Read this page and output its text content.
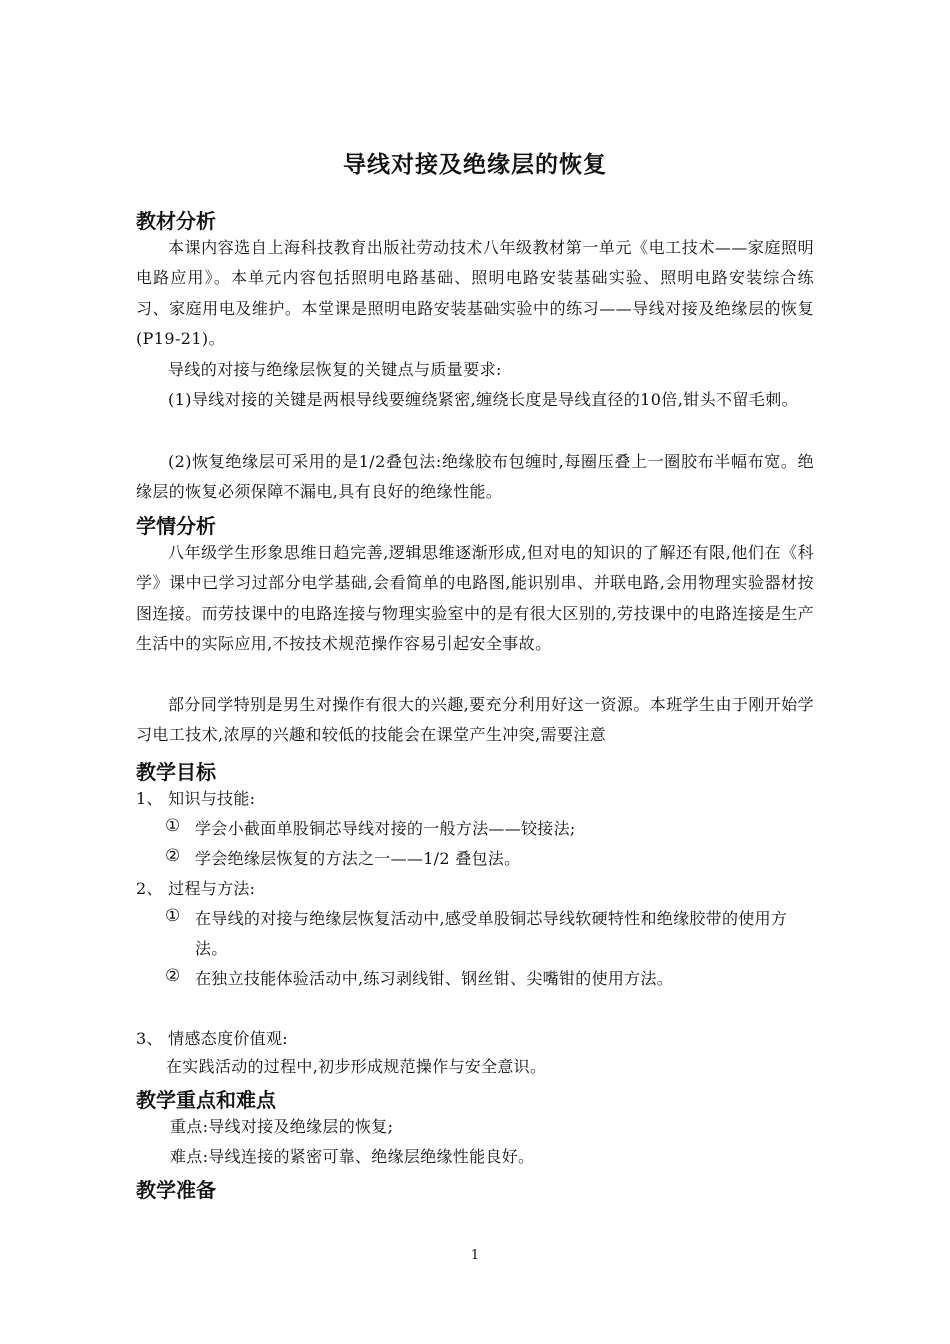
导线对接及绝缘层的恢复
教材分析

本课内容选自上海科技教育出版社劳动技术八年级教材第一单元《电工技术——家庭照明电路应用》。本单元内容包括照明电路基础、照明电路安装基础实验、照明电路安装综合练习、家庭用电及维护。本堂课是照明电路安装基础实验中的练习——导线对接及绝缘层的恢复(P19-21)。

导线的对接与绝缘层恢复的关键点与质量要求:

(1)导线对接的关键是两根导线要缠绕紧密,缠绕长度是导线直径的10倍,钳头不留毛刺。

(2)恢复绝缘层可采用的是1/2叠包法:绝缘胶布包缠时,每圈压叠上一圈胶布半幅布宽。绝缘层的恢复必须保障不漏电,具有良好的绝缘性能。

学情分析

八年级学生形象思维日趋完善,逻辑思维逐渐形成,但对电的知识的了解还有限,他们在《科学》课中已学习过部分电学基础,会看简单的电路图,能识别串、并联电路,会用物理实验器材按图连接。而劳技课中的电路连接与物理实验室中的是有很大区别的,劳技课中的电路连接是生产生活中的实际应用,不按技术规范操作容易引起安全事故。

部分同学特别是男生对操作有很大的兴趣,要充分利用好这一资源。本班学生由于刚开始学习电工技术,浓厚的兴趣和较低的技能会在课堂产生冲突,需要注意

教学目标
1、 知识与技能:
① 学会小截面单股铜芯导线对接的一般方法——铰接法;
② 学会绝缘层恢复的方法之一——1/2 叠包法。
2、 过程与方法:
① 在导线的对接与绝缘层恢复活动中,感受单股铜芯导线软硬特性和绝缘胶带的使用方法。
② 在独立技能体验活动中,练习剥线钳、钢丝钳、尖嘴钳的使用方法。
3、 情感态度价值观:
在实践活动的过程中,初步形成规范操作与安全意识。
教学重点和难点
重点:导线对接及绝缘层的恢复;
难点:导线连接的紧密可靠、绝缘层绝缘性能良好。
教学准备
1
